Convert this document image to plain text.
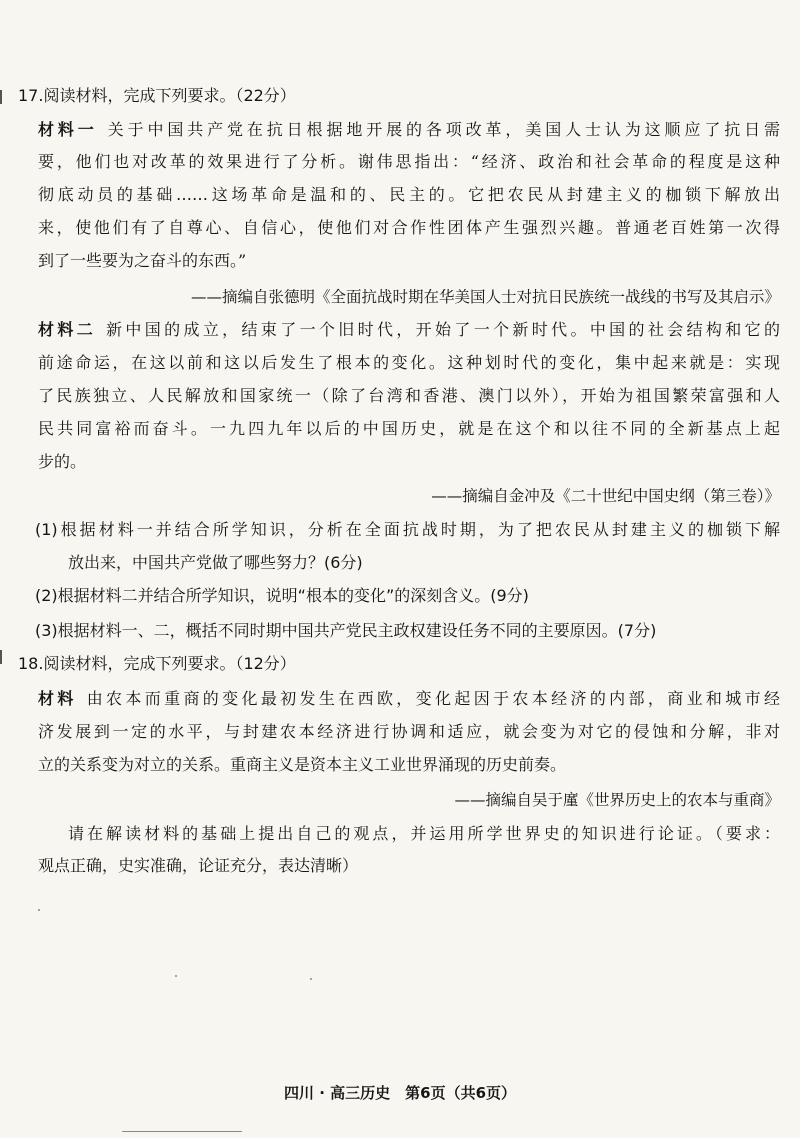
17.阅读材料，完成下列要求。（22分）
材料一 关于中国共产党在抗日根据地开展的各项改革，美国人士认为这顺应了抗日需
要，他们也对改革的效果进行了分析。谢伟思指出：“经济、政治和社会革命的程度是这种
彻底动员的基础……这场革命是温和的、民主的。它把农民从封建主义的枷锁下解放出
来，使他们有了自尊心、自信心，使他们对合作性团体产生强烈兴趣。普通老百姓第一次得
到了一些要为之奋斗的东西。”
——摘编自张德明《全面抗战时期在华美国人士对抗日民族统一战线的书写及其启示》
材料二 新中国的成立，结束了一个旧时代，开始了一个新时代。中国的社会结构和它的
前途命运，在这以前和这以后发生了根本的变化。这种划时代的变化，集中起来就是：实现
了民族独立、人民解放和国家统一（除了台湾和香港、澳门以外），开始为祖国繁荣富强和人
民共同富裕而奋斗。一九四九年以后的中国历史，就是在这个和以往不同的全新基点上起
步的。
——摘编自金冲及《二十世纪中国史纲（第三卷）》
(1)根据材料一并结合所学知识，分析在全面抗战时期，为了把农民从封建主义的枷锁下解
放出来，中国共产党做了哪些努力？(6分)
(2)根据材料二并结合所学知识，说明“根本的变化”的深刻含义。(9分)
(3)根据材料一、二，概括不同时期中国共产党民主政权建设任务不同的主要原因。(7分)
18.阅读材料，完成下列要求。（12分）
材料 由农本而重商的变化最初发生在西欧，变化起因于农本经济的内部，商业和城市经
济发展到一定的水平，与封建农本经济进行协调和适应，就会变为对它的侵蚀和分解，非对
立的关系变为对立的关系。重商主义是资本主义工业世界涌现的历史前奏。
——摘编自吴于廑《世界历史上的农本与重商》
请在解读材料的基础上提出自己的观点，并运用所学世界史的知识进行论证。（要求：
观点正确，史实准确，论证充分，表达清晰）
四川 · 高三历史　第6页（共6页）
